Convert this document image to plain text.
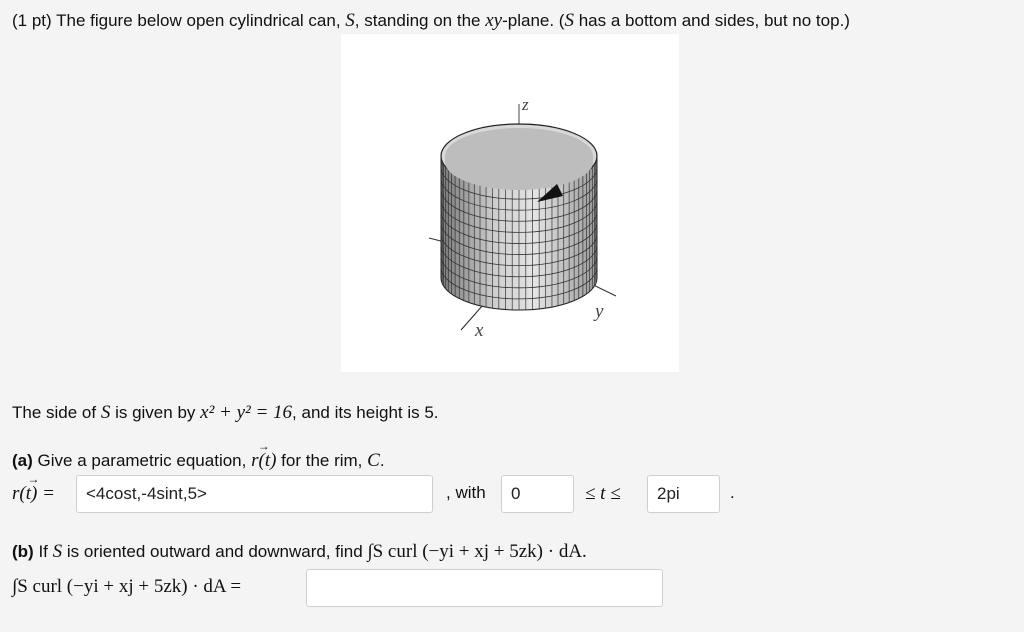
(1 pt) The figure below open cylindrical can, S, standing on the xy-plane. (S has a bottom and sides, but no top.)
z
x
y
The side of S is given by x² + y² = 16, and its height is 5.
(a) Give a parametric equation, → r(t) for the rim, C.
→ r(t) =	<4cost,-4sint,5>	, with	0	≤ t ≤	2pi	.
(b) If S is oriented outward and downward, find ∫S curl (−yi + xj + 5zk) · dA.
∫S curl (−yi + xj + 5zk) · dA =
